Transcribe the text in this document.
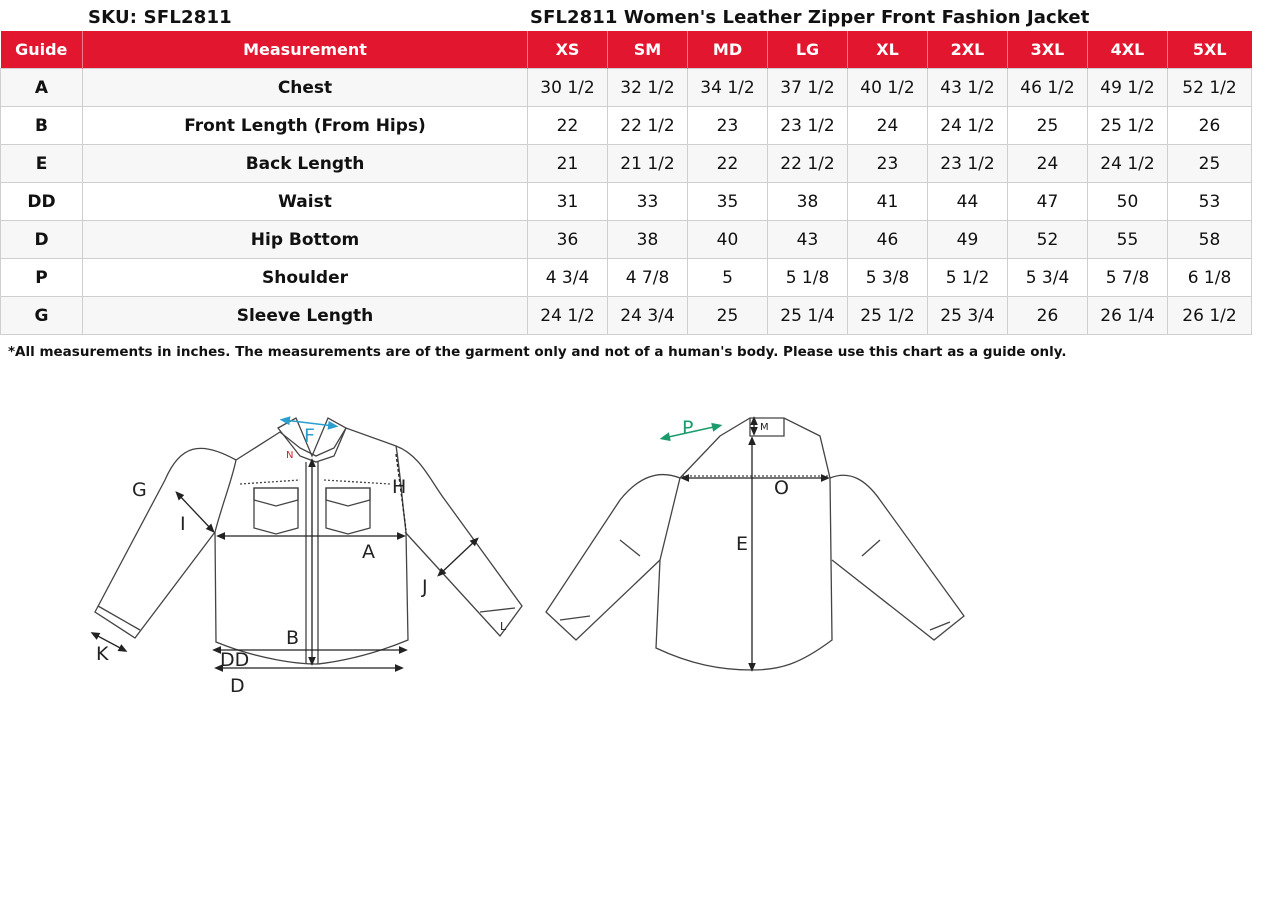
SKU: SFL2811	SFL2811 Women's Leather Zipper Front Fashion Jacket
Guide	Measurement	XS	SM	MD	LG	XL	2XL	3XL	4XL	5XL
A	Chest	30 1/2	32 1/2	34 1/2	37 1/2	40 1/2	43 1/2	46 1/2	49 1/2	52 1/2
B	Front Length (From Hips)	22	22 1/2	23	23 1/2	24	24 1/2	25	25 1/2	26
E	Back Length	21	21 1/2	22	22 1/2	23	23 1/2	24	24 1/2	25
DD	Waist	31	33	35	38	41	44	47	50	53
D	Hip Bottom	36	38	40	43	46	49	52	55	58
P	Shoulder	4 3/4	4 7/8	5	5 1/8	5 3/8	5 1/2	5 3/4	5 7/8	6 1/8
G	Sleeve Length	24 1/2	24 3/4	25	25 1/4	25 1/2	25 3/4	26	26 1/4	26 1/2
*All measurements in inches. The measurements are of the garment only and not of a human's body. Please use this chart as a guide only.
F
N
G	H
I
A
J
B
L
K	DD
D
P	M
O
E
